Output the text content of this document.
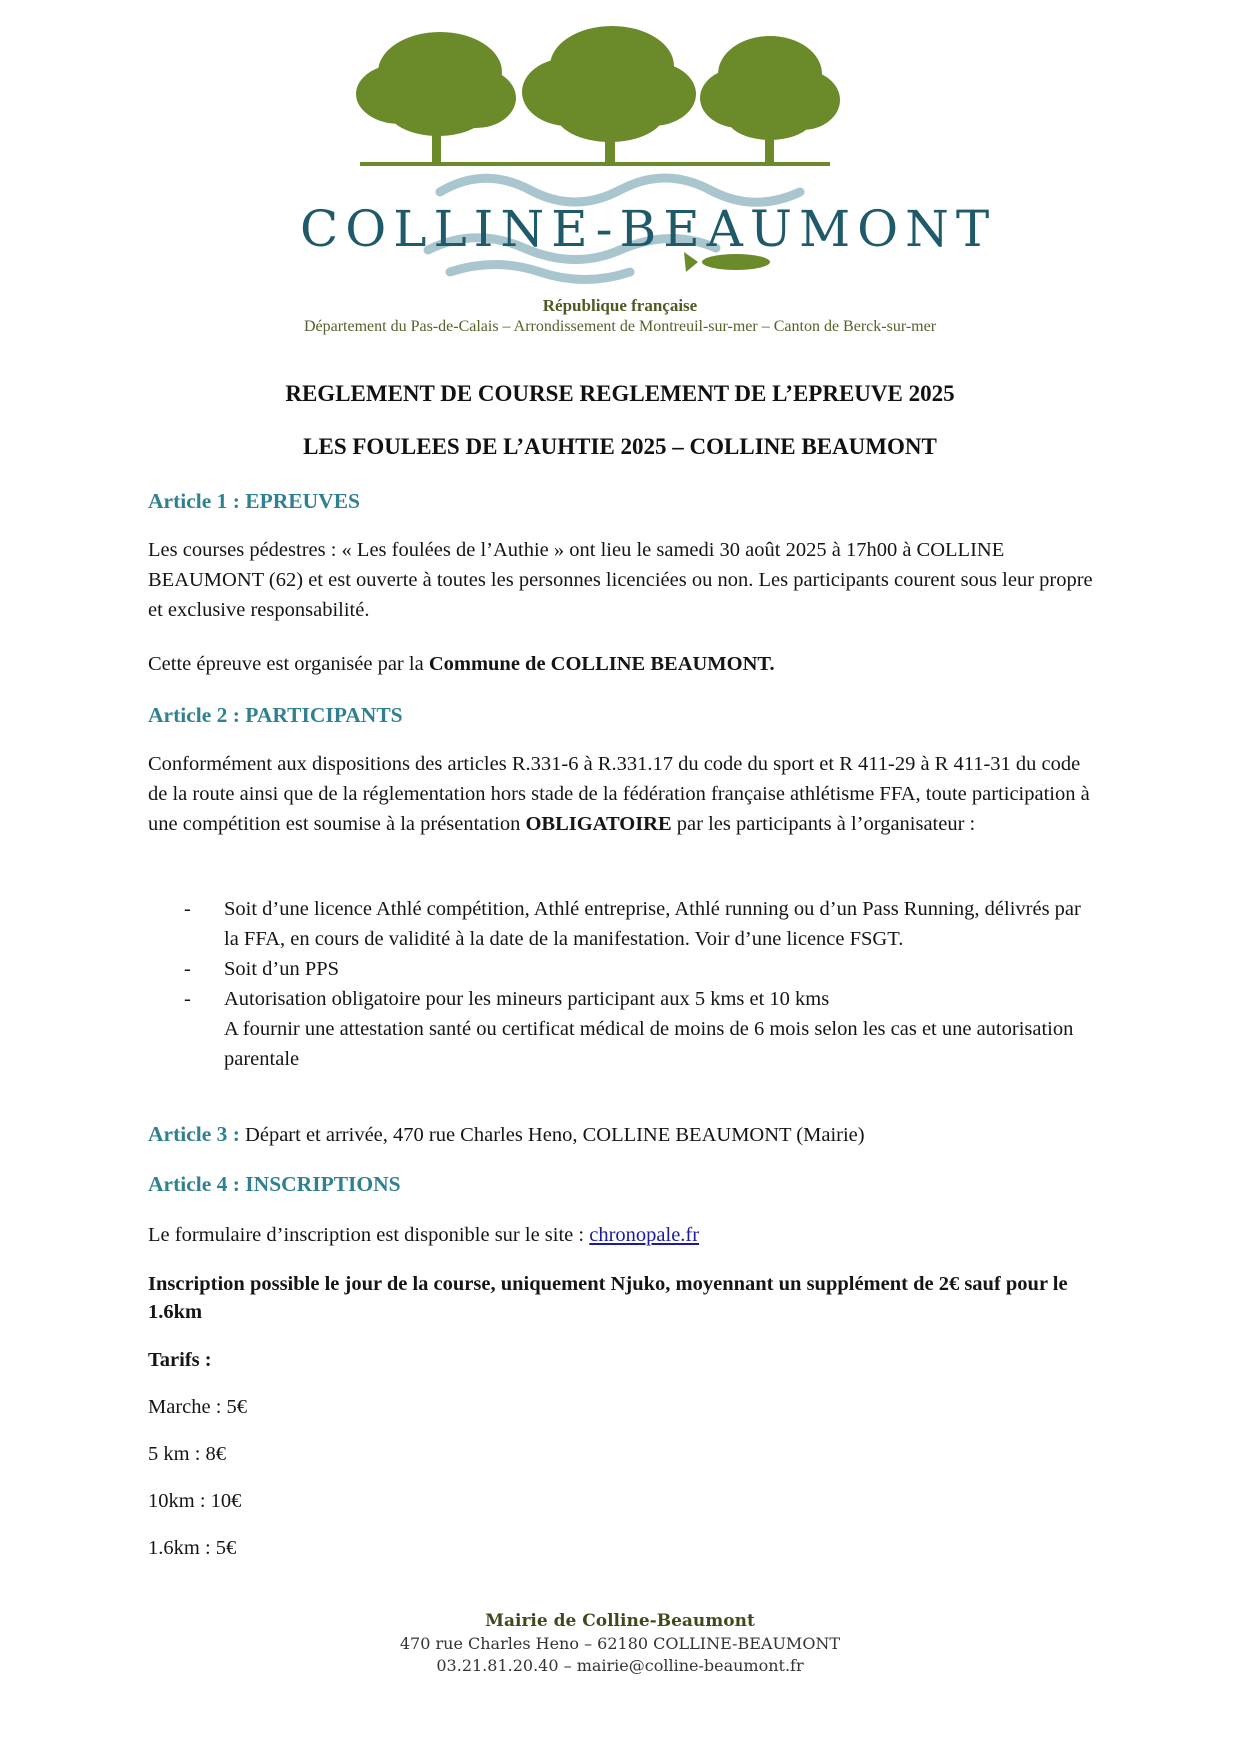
COLLINE-BEAUMONT
République française
Département du Pas-de-Calais – Arrondissement de Montreuil-sur-mer – Canton de Berck-sur-mer
REGLEMENT DE COURSE REGLEMENT DE L’EPREUVE 2025
LES FOULEES DE L’AUHTIE 2025 – COLLINE BEAUMONT
Article 1 : EPREUVES
Les courses pédestres : « Les foulées de l’Authie » ont lieu le samedi 30 août 2025 à 17h00 à COLLINE BEAUMONT (62) et est ouverte à toutes les personnes licenciées ou non. Les participants courent sous leur propre et exclusive responsabilité.
Cette épreuve est organisée par la Commune de COLLINE BEAUMONT.
Article 2 : PARTICIPANTS
Conformément aux dispositions des articles R.331-6 à R.331.17 du code du sport et R 411-29 à R 411-31 du code de la route ainsi que de la réglementation hors stade de la fédération française athlétisme FFA, toute participation à une compétition est soumise à la présentation OBLIGATOIRE par les participants à l’organisateur :
- Soit d’une licence Athlé compétition, Athlé entreprise, Athlé running ou d’un Pass Running, délivrés par la FFA, en cours de validité à la date de la manifestation. Voir d’une licence FSGT.
- Soit d’un PPS
- Autorisation obligatoire pour les mineurs participant aux 5 kms et 10 kms
A fournir une attestation santé ou certificat médical de moins de 6 mois selon les cas et une autorisation parentale
Article 3 : Départ et arrivée, 470 rue Charles Heno, COLLINE BEAUMONT (Mairie)
Article 4 : INSCRIPTIONS
Le formulaire d’inscription est disponible sur le site : chronopale.fr
Inscription possible le jour de la course, uniquement Njuko, moyennant un supplément de 2€ sauf pour le 1.6km
Tarifs :
Marche : 5€
5 km : 8€
10km : 10€
1.6km : 5€
Mairie de Colline-Beaumont
470 rue Charles Heno – 62180 COLLINE-BEAUMONT
03.21.81.20.40 – mairie@colline-beaumont.fr
